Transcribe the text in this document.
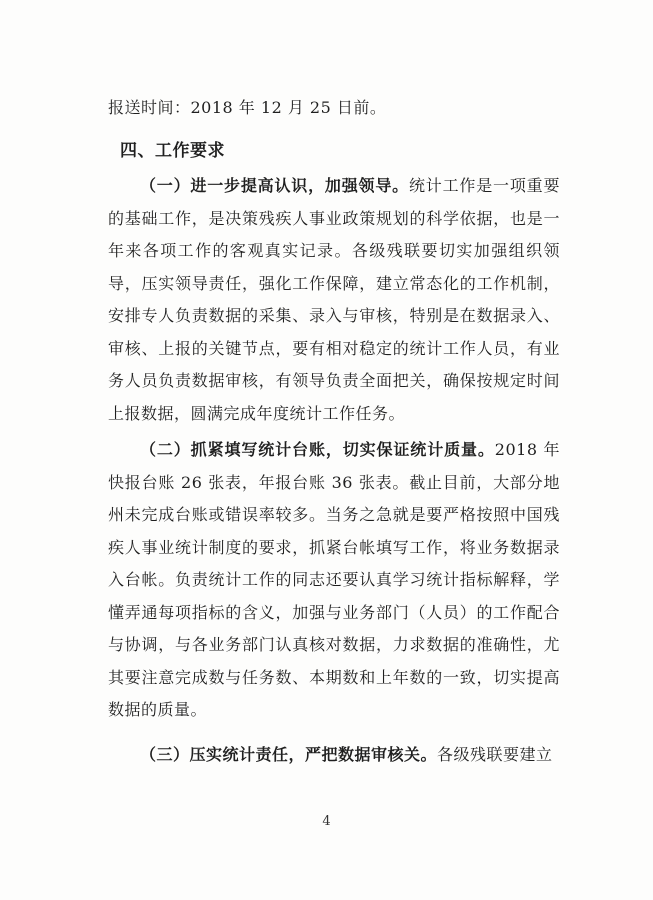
报送时间：2018 年 12 月 25 日前。
四、工作要求

（一）进一步提高认识，加强领导。统计工作是一项重要的基础工作，是决策残疾人事业政策规划的科学依据，也是一年来各项工作的客观真实记录。各级残联要切实加强组织领导，压实领导责任，强化工作保障，建立常态化的工作机制，安排专人负责数据的采集、录入与审核，特别是在数据录入、审核、上报的关键节点，要有相对稳定的统计工作人员，有业务人员负责数据审核，有领导负责全面把关，确保按规定时间上报数据，圆满完成年度统计工作任务。

（二）抓紧填写统计台账，切实保证统计质量。2018 年快报台账 26 张表，年报台账 36 张表。截止目前，大部分地州未完成台账或错误率较多。当务之急就是要严格按照中国残疾人事业统计制度的要求，抓紧台帐填写工作，将业务数据录入台帐。负责统计工作的同志还要认真学习统计指标解释，学懂弄通每项指标的含义，加强与业务部门（人员）的工作配合与协调，与各业务部门认真核对数据，力求数据的准确性，尤其要注意完成数与任务数、本期数和上年数的一致，切实提高数据的质量。

（三）压实统计责任，严把数据审核关。各级残联要建立

4
